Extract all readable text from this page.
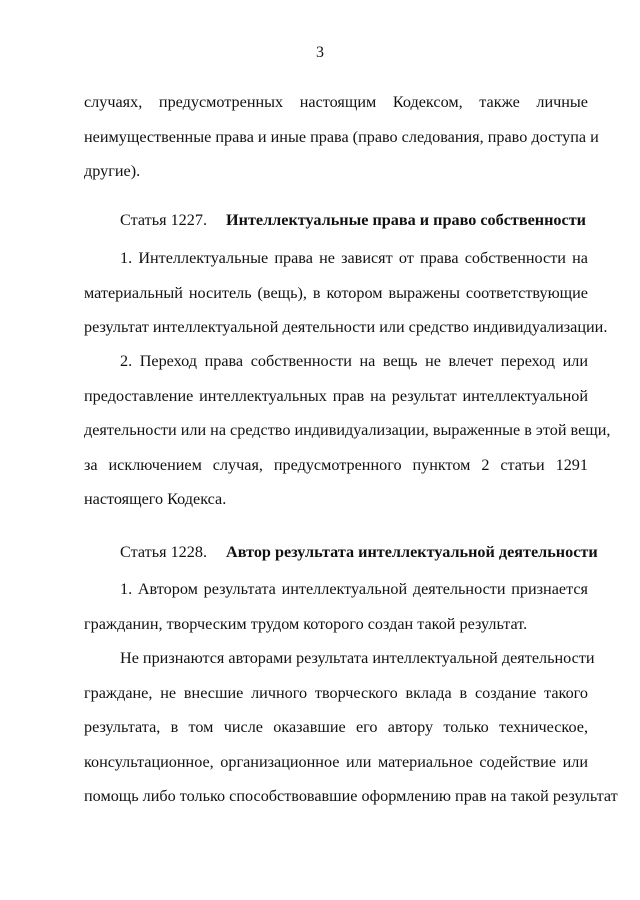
3
случаях, предусмотренных настоящим Кодексом, также личные
неимущественные права и иные права (право следования, право доступа и
другие).

Статья 1227. Интеллектуальные права и право собственности

1. Интеллектуальные права не зависят от права собственности на
материальный носитель (вещь), в котором выражены соответствующие
результат интеллектуальной деятельности или средство индивидуализации.
2. Переход права собственности на вещь не влечет переход или
предоставление интеллектуальных прав на результат интеллектуальной
деятельности или на средство индивидуализации, выраженные в этой вещи,
за исключением случая, предусмотренного пунктом 2 статьи 1291
настоящего Кодекса.

Статья 1228. Автор результата интеллектуальной деятельности

1. Автором результата интеллектуальной деятельности признается
гражданин, творческим трудом которого создан такой результат.
Не признаются авторами результата интеллектуальной деятельности
граждане, не внесшие личного творческого вклада в создание такого
результата, в том числе оказавшие его автору только техническое,
консультационное, организационное или материальное содействие или
помощь либо только способствовавшие оформлению прав на такой результат
